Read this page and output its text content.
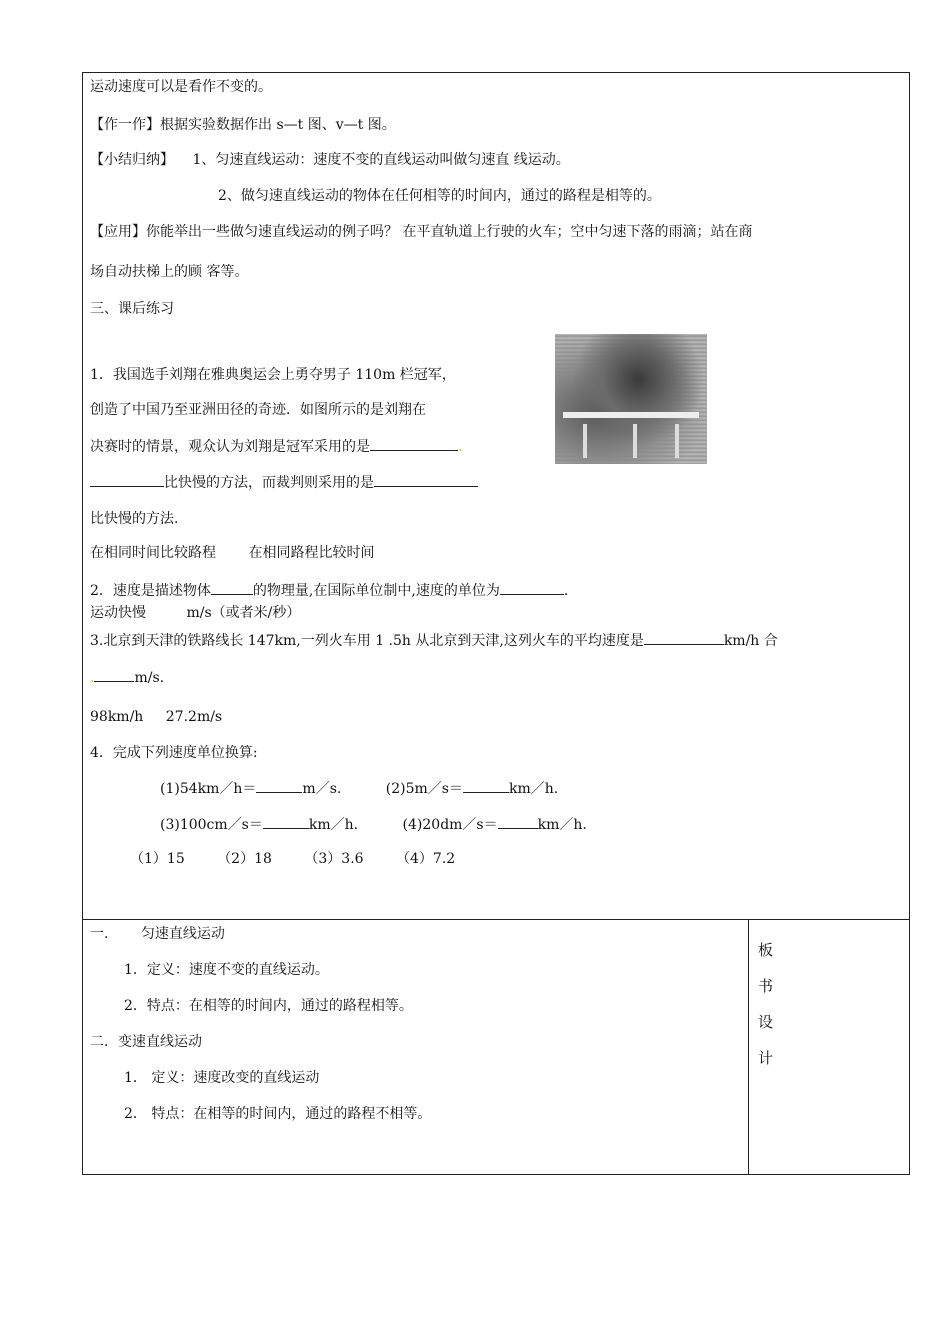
运动速度可以是看作不变的。
【作一作】根据实验数据作出 s—t 图、v—t 图。
【小结归纳】 1、匀速直线运动：速度不变的直线运动叫做匀速直 线运动。
2、做匀速直线运动的物体在任何相等的时间内，通过的路程是相等的。
【应用】你能举出一些做匀速直线运动的例子吗？ 在平直轨道上行驶的火车；空中匀速下落的雨滴；站在商
场自动扶梯上的顾 客等。
三、课后练习
1．我国选手刘翔在雅典奥运会上勇夺男子 110m 栏冠军，
创造了中国乃至亚洲田径的奇迹．如图所示的是刘翔在
决赛时的情景，观众认为刘翔是冠军采用的是	.
比快慢的方法，而裁判则采用的是
比快慢的方法.
在相同时间比较路程 在相同路程比较时间
2．速度是描述物体	的物理量,在国际单位制中,速度的单位为	.
运动快慢	m/s（或者米/秒）
3.北京到天津的铁路线长 147km,一列火车用 1 .5h 从北京到天津,这列火车的平均速度是	km/h 合
.	m/s.
98km/h 27.2m/s
4．完成下列速度单位换算:
(1)54km／h＝	m／s.	(2)5m／s＝	km／h.
(3)100cm／s＝	km／h.	(4)20dm／s＝	km／h.
（1）15 （2）18 （3）3.6 （4）7.2
一.　　 匀速直线运动
1．定义：速度不变的直线运动。
2．特点：在相等的时间内，通过的路程相等。
二．变速直线运动
1． 定义：速度改变的直线运动
2． 特点：在相等的时间内，通过的路程不相等。
板
书
设
计
